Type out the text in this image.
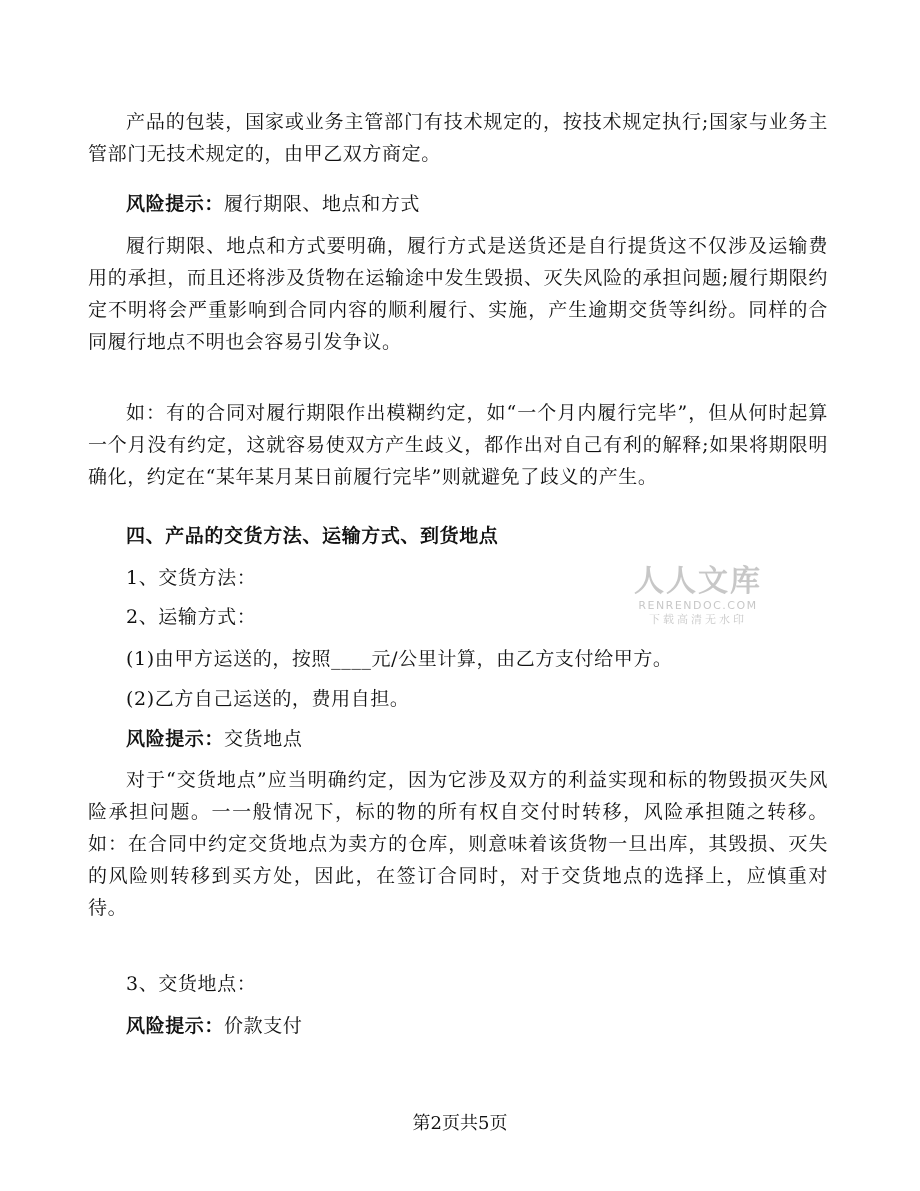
产品的包装，国家或业务主管部门有技术规定的，按技术规定执行;国家与业务主管部门无技术规定的，由甲乙双方商定。

风险提示：履行期限、地点和方式

履行期限、地点和方式要明确，履行方式是送货还是自行提货这不仅涉及运输费用的承担，而且还将涉及货物在运输途中发生毁损、灭失风险的承担问题;履行期限约定不明将会严重影响到合同内容的顺利履行、实施，产生逾期交货等纠纷。同样的合同履行地点不明也会容易引发争议。

如：有的合同对履行期限作出模糊约定，如“一个月内履行完毕”，但从何时起算一个月没有约定，这就容易使双方产生歧义，都作出对自己有利的解释;如果将期限明确化，约定在“某年某月某日前履行完毕”则就避免了歧义的产生。

四、产品的交货方法、运输方式、到货地点

1、交货方法：

2、运输方式：

(1)由甲方运送的，按照____元/公里计算，由乙方支付给甲方。

(2)乙方自己运送的，费用自担。

风险提示：交货地点

对于“交货地点”应当明确约定，因为它涉及双方的利益实现和标的物毁损灭失风险承担问题。一一般情况下，标的物的所有权自交付时转移，风险承担随之转移。如：在合同中约定交货地点为卖方的仓库，则意味着该货物一旦出库，其毁损、灭失的风险则转移到买方处，因此，在签订合同时，对于交货地点的选择上，应慎重对待。

3、交货地点：

风险提示：价款支付

人人文库
RENRENDOC.COM
下载高清无水印
第2页共5页
